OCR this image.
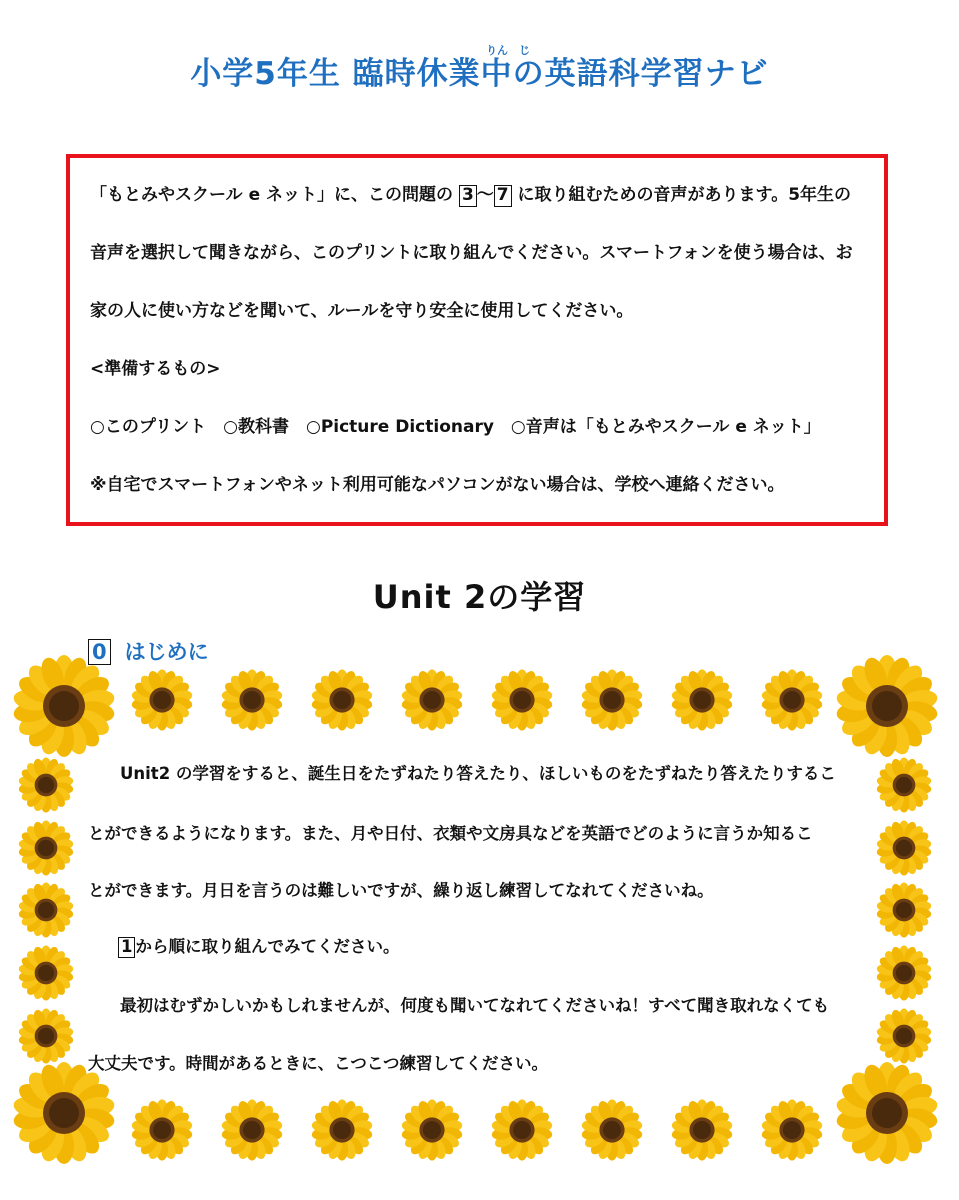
小学5年生 臨時休業中の英語科学習ナビ
りん　じ
「もとみやスクール e ネット」に、この問題の 3 〜 7 に取り組むための音声があります。5年生の
音声を選択して聞きながら、このプリントに取り組んでください。スマートフォンを使う場合は、お
家の人に使い方などを聞いて、ルールを守り安全に使用してください。
<準備するもの>
○このプリント　○教科書　○Picture Dictionary　○音声は「もとみやスクール e ネット」
※自宅でスマートフォンやネット利用可能なパソコンがない場合は、学校へ連絡ください。
Unit 2の学習
0 はじめに
Unit2 の学習をすると、誕生日をたずねたり答えたり、ほしいものをたずねたり答えたりするこ
とができるようになります。また、月や日付、衣類や文房具などを英語でどのように言うか知るこ
とができます。月日を言うのは難しいですが、繰り返し練習してなれてくださいね。
1 から順に取り組んでみてください。
最初はむずかしいかもしれませんが、何度も聞いてなれてくださいね！すべて聞き取れなくても
大丈夫です。時間があるときに、こつこつ練習してください。
